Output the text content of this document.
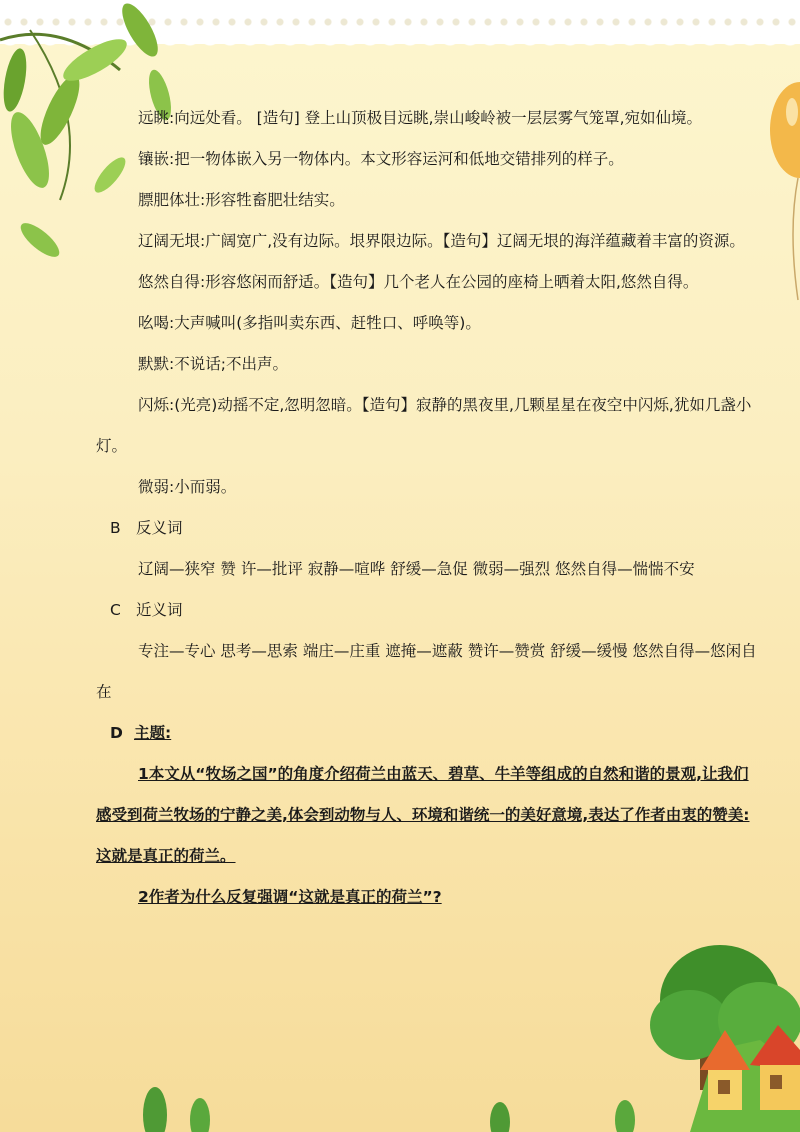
远眺:向远处看。 [造句] 登上山顶极目远眺,崇山峻岭被一层层雾气笼罩,宛如仙境。

镶嵌:把一物体嵌入另一物体内。本文形容运河和低地交错排列的样子。

膘肥体壮:形容牲畜肥壮结实。

辽阔无垠:广阔宽广,没有边际。垠界限边际。【造句】辽阔无垠的海洋蕴藏着丰富的资源。

悠然自得:形容悠闲而舒适。【造句】几个老人在公园的座椅上晒着太阳,悠然自得。

吆喝:大声喊叫(多指叫卖东西、赶牲口、呼唤等)。

默默:不说话;不出声。

闪烁:(光亮)动摇不定,忽明忽暗。【造句】寂静的黑夜里,几颗星星在夜空中闪烁,犹如几盏小灯。

微弱:小而弱。

B 反义词

辽阔—狭窄 赞 许—批评 寂静—喧哗 舒缓—急促 微弱—强烈 悠然自得—惴惴不安

C 近义词

专注—专心 思考—思索 端庄—庄重 遮掩—遮蔽 赞许—赞赏 舒缓—缓慢 悠然自得—悠闲自在

D 主题:

1本文从“牧场之国”的角度介绍荷兰由蓝天、碧草、牛羊等组成的自然和谐的景观,让我们感受到荷兰牧场的宁静之美,体会到动物与人、环境和谐统一的美好意境,表达了作者由衷的赞美:这就是真正的荷兰。

2作者为什么反复强调“这就是真正的荷兰”?
